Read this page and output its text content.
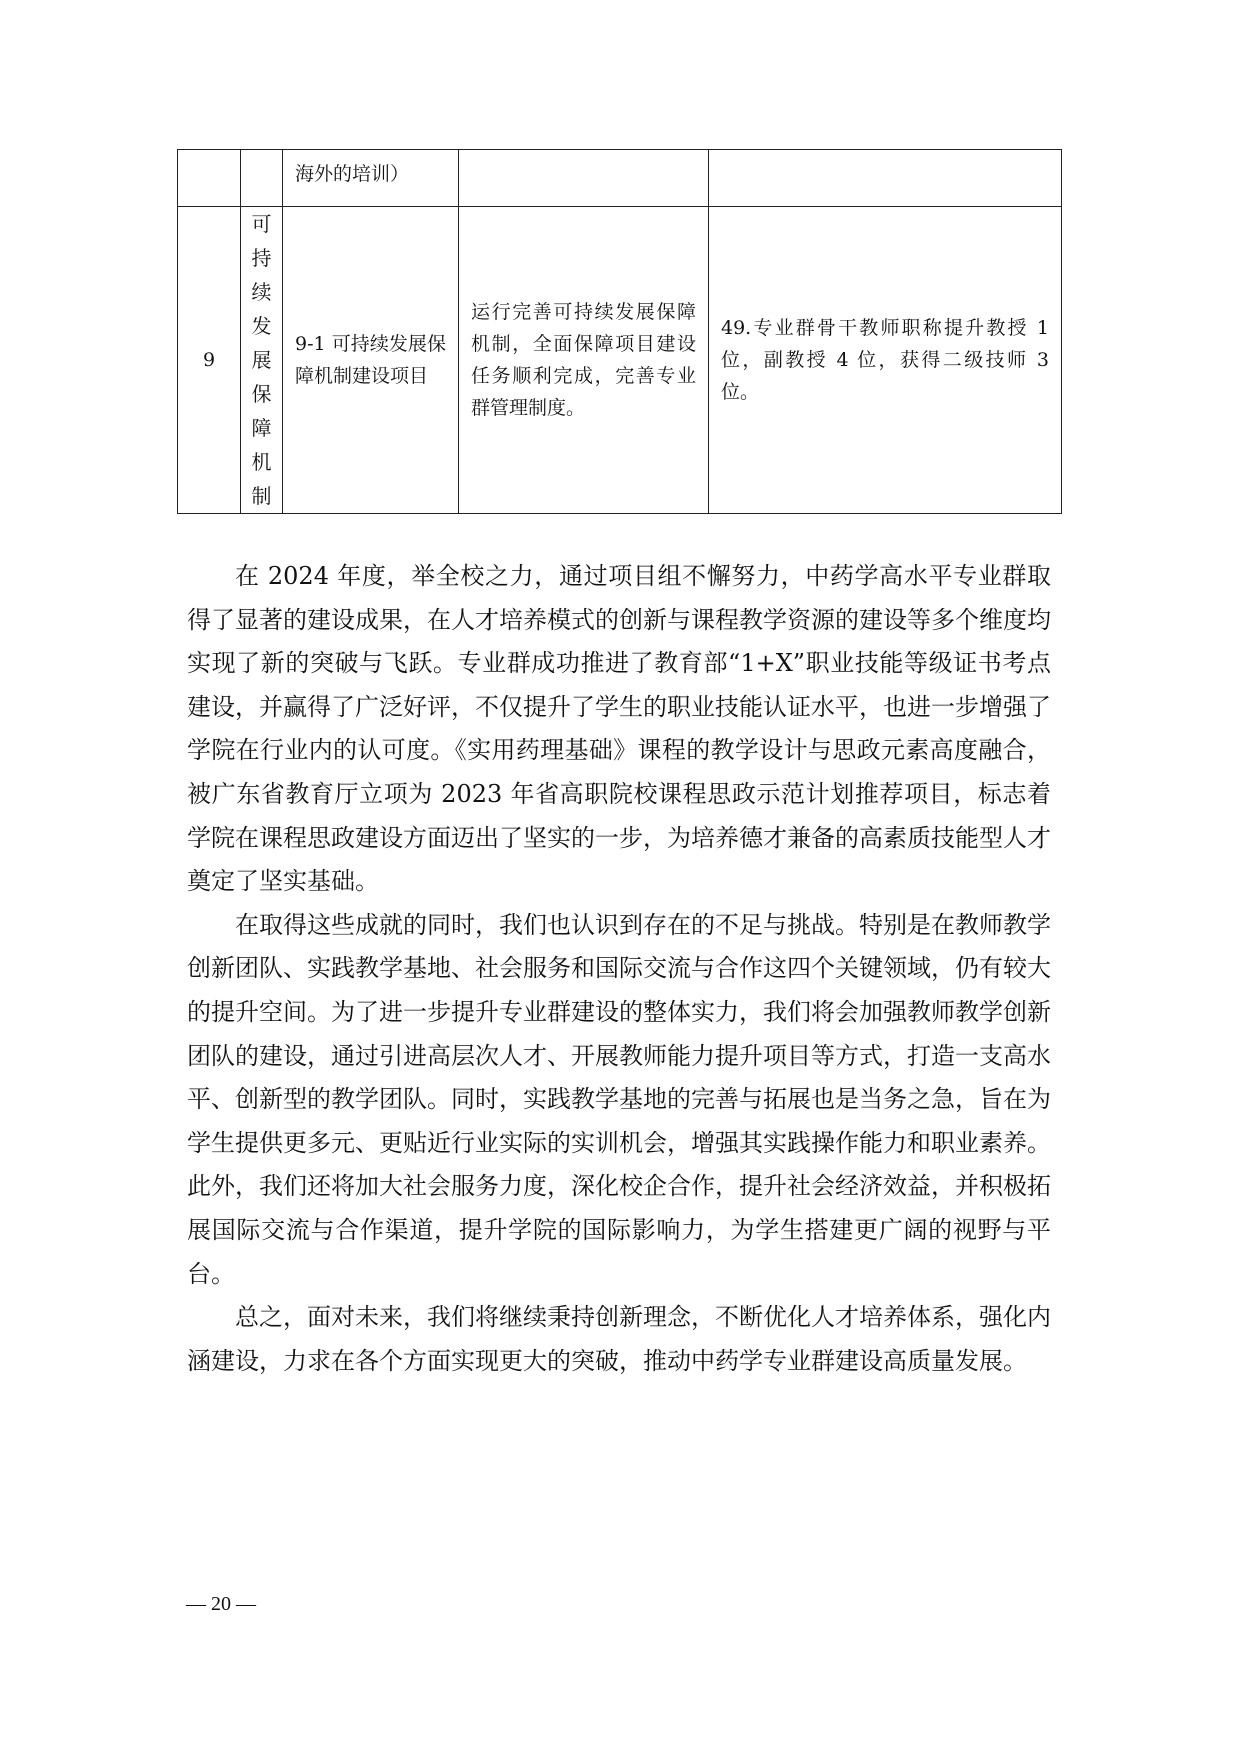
		海外的培训）		

9	可持续发展保障机制	9-1 可持续发展保障机制建设项目	运行完善可持续发展保障机制，全面保障项目建设任务顺利完成，完善专业群管理制度。	49.专业群骨干教师职称提升教授 1 位，副教授 4 位，获得二级技师 3 位。

在 2024 年度，举全校之力，通过项目组不懈努力，中药学高水平专业群取得了显著的建设成果，在人才培养模式的创新与课程教学资源的建设等多个维度均实现了新的突破与飞跃。专业群成功推进了教育部“1+X”职业技能等级证书考点建设，并赢得了广泛好评，不仅提升了学生的职业技能认证水平，也进一步增强了学院在行业内的认可度。《实用药理基础》课程的教学设计与思政元素高度融合，被广东省教育厅立项为 2023 年省高职院校课程思政示范计划推荐项目，标志着学院在课程思政建设方面迈出了坚实的一步，为培养德才兼备的高素质技能型人才奠定了坚实基础。

在取得这些成就的同时，我们也认识到存在的不足与挑战。特别是在教师教学创新团队、实践教学基地、社会服务和国际交流与合作这四个关键领域，仍有较大的提升空间。为了进一步提升专业群建设的整体实力，我们将会加强教师教学创新团队的建设，通过引进高层次人才、开展教师能力提升项目等方式，打造一支高水平、创新型的教学团队。同时，实践教学基地的完善与拓展也是当务之急，旨在为学生提供更多元、更贴近行业实际的实训机会，增强其实践操作能力和职业素养。此外，我们还将加大社会服务力度，深化校企合作，提升社会经济效益，并积极拓展国际交流与合作渠道，提升学院的国际影响力，为学生搭建更广阔的视野与平台。

总之，面对未来，我们将继续秉持创新理念，不断优化人才培养体系，强化内涵建设，力求在各个方面实现更大的突破，推动中药学专业群建设高质量发展。

— 20 —
